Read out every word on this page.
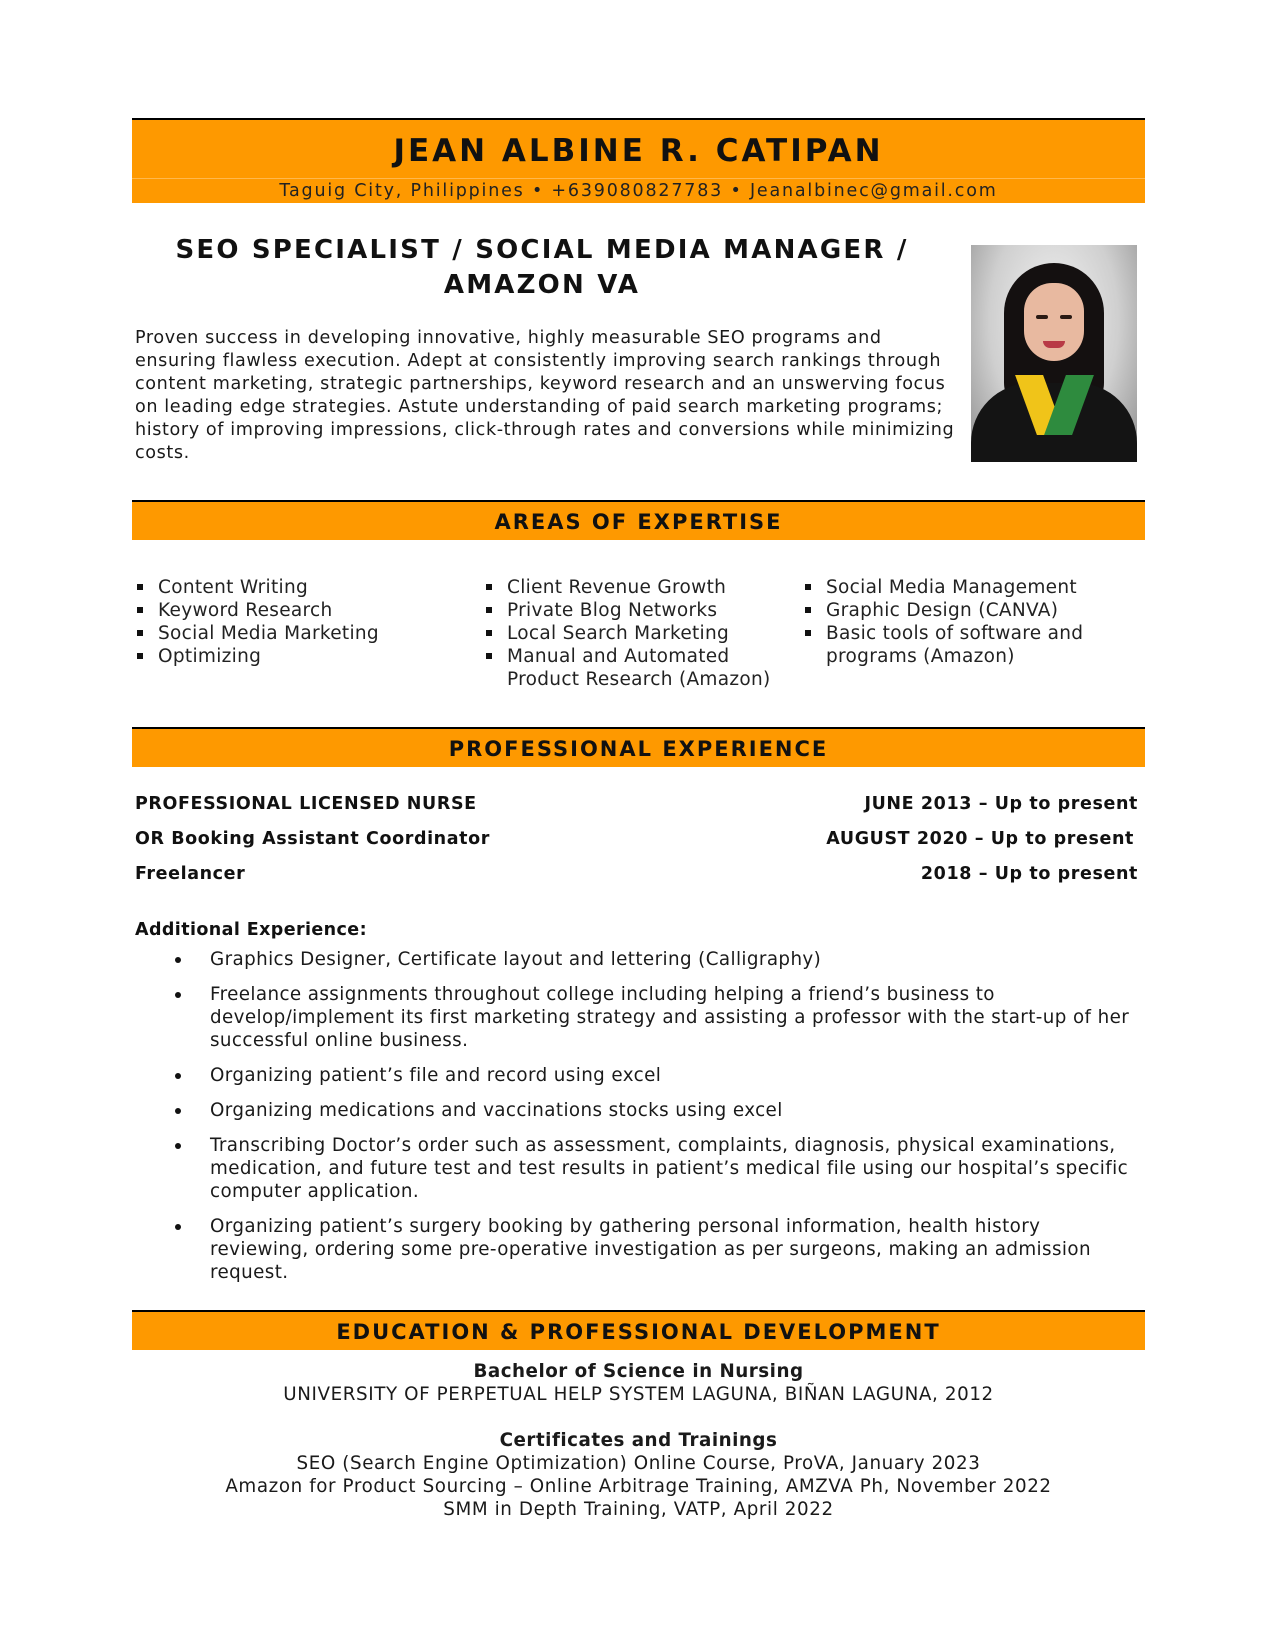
JEAN ALBINE R. CATIPAN
Taguig City, Philippines • +639080827783 • Jeanalbinec@gmail.com
SEO SPECIALIST / SOCIAL MEDIA MANAGER /
AMAZON VA
Proven success in developing innovative, highly measurable SEO programs and ensuring flawless execution. Adept at consistently improving search rankings through content marketing, strategic partnerships, keyword research and an unswerving focus on leading edge strategies. Astute understanding of paid search marketing programs; history of improving impressions, click-through rates and conversions while minimizing costs.
AREAS OF EXPERTISE
Content Writing
Keyword Research
Social Media Marketing
Optimizing
Client Revenue Growth
Private Blog Networks
Local Search Marketing
Manual and Automated Product Research (Amazon)
Social Media Management
Graphic Design (CANVA)
Basic tools of software and programs (Amazon)
PROFESSIONAL EXPERIENCE
PROFESSIONAL LICENSED NURSE	JUNE 2013 – Up to present
OR Booking Assistant Coordinator	AUGUST 2020 – Up to present
Freelancer	2018 – Up to present
Additional Experience:
Graphics Designer, Certificate layout and lettering (Calligraphy)
Freelance assignments throughout college including helping a friend’s business to develop/implement its first marketing strategy and assisting a professor with the start-up of her successful online business.
Organizing patient’s file and record using excel
Organizing medications and vaccinations stocks using excel
Transcribing Doctor’s order such as assessment, complaints, diagnosis, physical examinations, medication, and future test and test results in patient’s medical file using our hospital’s specific computer application.
Organizing patient’s surgery booking by gathering personal information, health history reviewing, ordering some pre-operative investigation as per surgeons, making an admission request.
EDUCATION & PROFESSIONAL DEVELOPMENT
Bachelor of Science in Nursing
UNIVERSITY OF PERPETUAL HELP SYSTEM LAGUNA, BIÑAN LAGUNA, 2012
Certificates and Trainings
SEO (Search Engine Optimization) Online Course, ProVA, January 2023
Amazon for Product Sourcing – Online Arbitrage Training, AMZVA Ph, November 2022
SMM in Depth Training, VATP, April 2022
